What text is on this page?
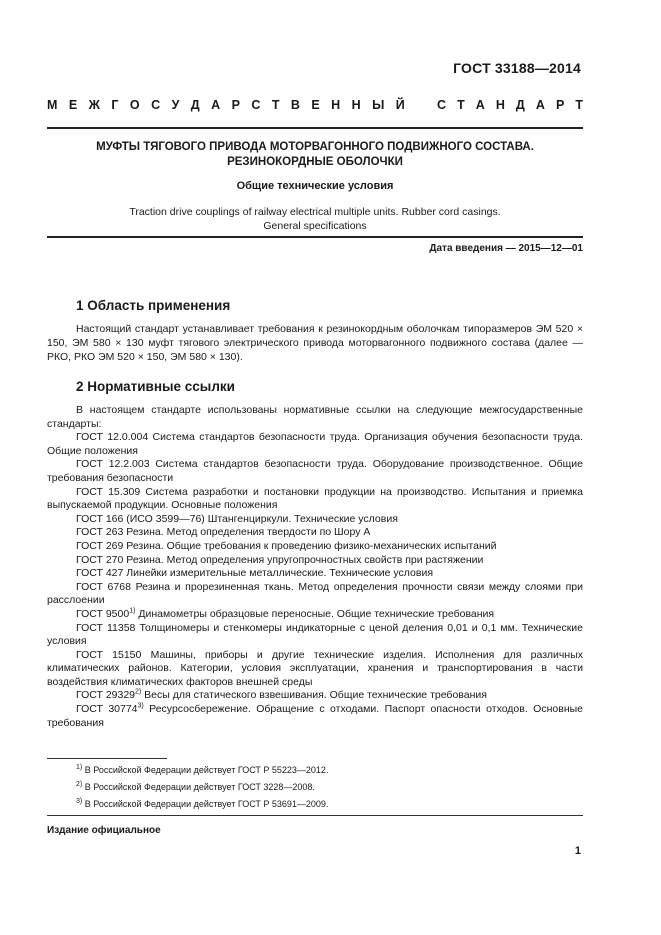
ГОСТ 33188—2014
М Е Ж Г О С У Д А Р С Т В Е Н Н Ы Й	С Т А Н Д А Р Т
МУФТЫ ТЯГОВОГО ПРИВОДА МОТОРВАГОННОГО ПОДВИЖНОГО СОСТАВА.
РЕЗИНОКОРДНЫЕ ОБОЛОЧКИ
Общие технические условия
Traction drive couplings of railway electrical multiple units. Rubber cord casings.
General specifications
Дата введения — 2015—12—01
1 Область применения
Настоящий стандарт устанавливает требования к резинокордным оболочкам типоразмеров ЭМ 520 × 150, ЭМ 580 × 130 муфт тягового электрического привода моторвагонного подвижного состава (далее — РКО, РКО ЭМ 520 × 150, ЭМ 580 × 130).
2 Нормативные ссылки
В настоящем стандарте использованы нормативные ссылки на следующие межгосударственные стандарты:
ГОСТ 12.0.004 Система стандартов безопасности труда. Организация обучения безопасности труда. Общие положения
ГОСТ 12.2.003 Система стандартов безопасности труда. Оборудование производственное. Общие требования безопасности
ГОСТ 15.309 Система разработки и постановки продукции на производство. Испытания и приемка выпускаемой продукции. Основные положения
ГОСТ 166 (ИСО 3599—76) Штангенциркули. Технические условия
ГОСТ 263 Резина. Метод определения твердости по Шору А
ГОСТ 269 Резина. Общие требования к проведению физико-механических испытаний
ГОСТ 270 Резина. Метод определения упругопрочностных свойств при растяжении
ГОСТ 427 Линейки измерительные металлические. Технические условия
ГОСТ 6768 Резина и прорезиненная ткань. Метод определения прочности связи между слоями при расслоении
ГОСТ 9500$^{1)}$ Динамометры образцовые переносные. Общие технические требования
ГОСТ 11358 Толщиномеры и стенкомеры индикаторные с ценой деления 0,01 и 0,1 мм. Технические условия
ГОСТ 15150 Машины, приборы и другие технические изделия. Исполнения для различных климатических районов. Категории, условия эксплуатации, хранения и транспортирования в части воздействия климатических факторов внешней среды
ГОСТ 29329$^{2)}$ Весы для статического взвешивания. Общие технические требования
ГОСТ 30774$^{3)}$ Ресурсосбережение. Обращение с отходами. Паспорт опасности отходов. Основные требования
$^{1)}$ В Российской Федерации действует ГОСТ Р 55223—2012.
$^{2)}$ В Российской Федерации действует ГОСТ 3228—2008.
$^{3)}$ В Российской Федерации действует ГОСТ Р 53691—2009.
Издание официальное
1
